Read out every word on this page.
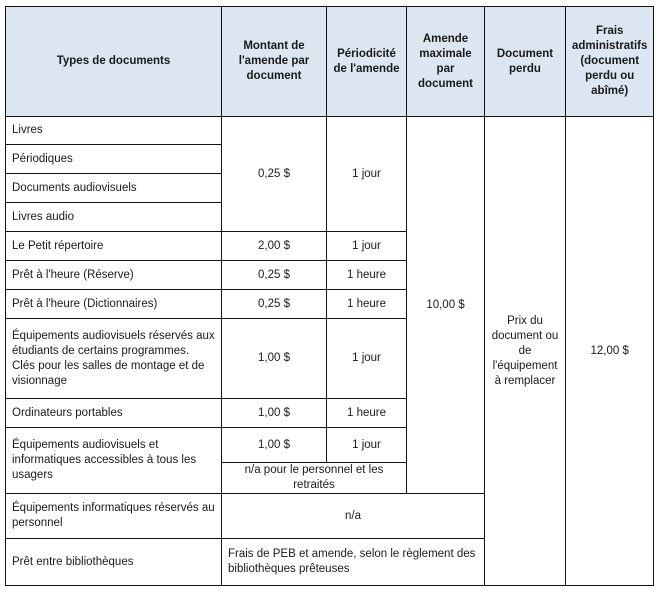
Types de documents	Montant de l'amende par document	Périodicité de l'amende	Amende maximale par document	Document perdu	Frais administratifs (document perdu ou abîmé)
Livres	0,25 $	1 jour	10,00 $	Prix du document ou de l'équipement à remplacer	12,00 $
Périodiques					
Documents audiovisuels					
Livres audio					
Le Petit répertoire	2,00 $	1 jour			
Prêt à l'heure (Réserve)	0,25 $	1 heure			
Prêt à l'heure (Dictionnaires)	0,25 $	1 heure			
Équipements audiovisuels réservés aux étudiants de certains programmes. Clés pour les salles de montage et de visionnage	1,00 $	1 jour			
Ordinateurs portables	1,00 $	1 heure			
Équipements audiovisuels et informatiques accessibles à tous les usagers	1,00 $	1 jour			
	n/a pour le personnel et les retraités				
Équipements informatiques réservés au personnel	n/a				
Prêt entre bibliothèques	Frais de PEB et amende, selon le règlement des bibliothèques prêteuses				
